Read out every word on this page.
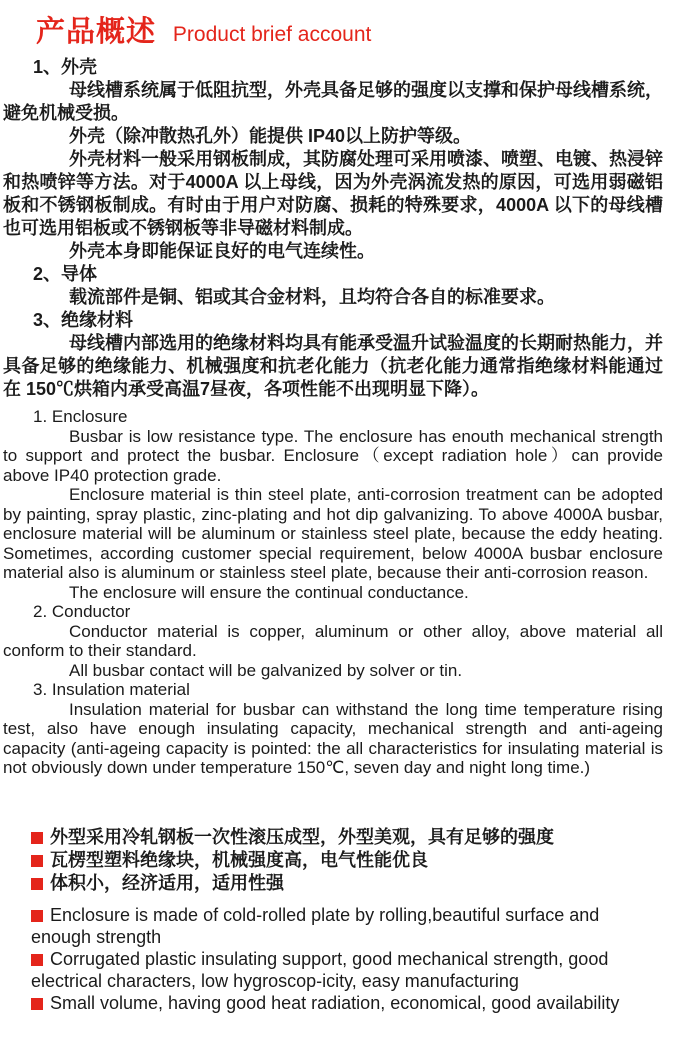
产品概述 Product brief account
1、外壳

母线槽系统属于低阻抗型，外壳具备足够的强度以支撑和保护母线槽系统，避免机械受损。

外壳（除冲散热孔外）能提供 IP40以上防护等级。

外壳材料一般采用钢板制成，其防腐处理可采用喷漆、喷塑、电镀、热浸锌和热喷锌等方法。对于4000A 以上母线，因为外壳涡流发热的原因，可选用弱磁铝板和不锈钢板制成。有时由于用户对防腐、损耗的特殊要求，4000A 以下的母线槽也可选用铝板或不锈钢板等非导磁材料制成。

外壳本身即能保证良好的电气连续性。

2、导体

载流部件是铜、铝或其合金材料，且均符合各自的标准要求。

3、绝缘材料

母线槽内部选用的绝缘材料均具有能承受温升试验温度的长期耐热能力，并具备足够的绝缘能力、机械强度和抗老化能力（抗老化能力通常指绝缘材料能通过在 150℃烘箱内承受高温7昼夜，各项性能不出现明显下降）。

1. Enclosure

Busbar is low resistance type. The enclosure has enouth mechanical strength to support and protect the busbar. Enclosure（except radiation hole）can provide above IP40 protection grade.

Enclosure material is thin steel plate, anti-corrosion treatment can be adopted by painting, spray plastic, zinc-plating and hot dip galvanizing. To above 4000A busbar, enclosure material will be aluminum or stainless steel plate, because the eddy heating. Sometimes, according customer special requirement, below 4000A busbar enclosure material also is aluminum or stainless steel plate, because their anti-corrosion reason.

The enclosure will ensure the continual conductance.

2. Conductor

Conductor material is copper, aluminum or other alloy, above material all conform to their standard.

All busbar contact will be galvanized by solver or tin.

3. Insulation material

Insulation material for busbar can withstand the long time temperature rising test, also have enough insulating capacity, mechanical strength and anti-ageing capacity (anti-ageing capacity is pointed: the all characteristics for insulating material is not obviously down under temperature 150℃, seven day and night long time.)

外型采用冷轧钢板一次性滚压成型，外型美观，具有足够的强度
瓦楞型塑料绝缘块，机械强度高，电气性能优良
体积小，经济适用，适用性强
Enclosure is made of cold-rolled plate by rolling,beautiful surface and enough strength
Corrugated plastic insulating support, good mechanical strength, good electrical characters, low hygroscop-icity, easy manufacturing
Small volume, having good heat radiation, economical, good availability
